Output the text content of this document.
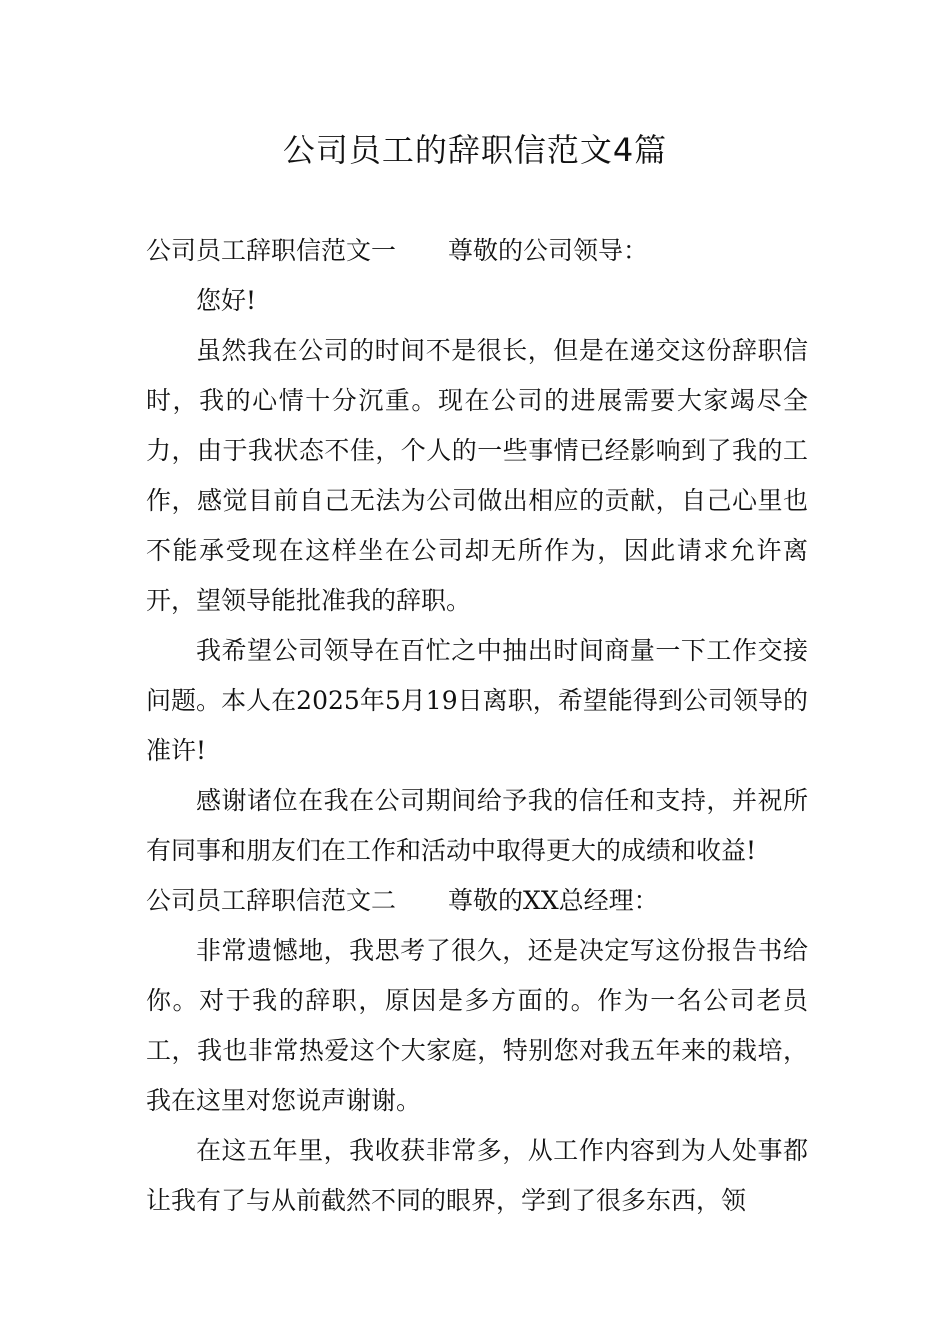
公司员工的辞职信范文4篇

公司员工辞职信范文一 尊敬的公司领导：

您好!

虽然我在公司的时间不是很长，但是在递交这份辞职信时，我的心情十分沉重。现在公司的进展需要大家竭尽全力，由于我状态不佳，个人的一些事情已经影响到了我的工作，感觉目前自己无法为公司做出相应的贡献，自己心里也不能承受现在这样坐在公司却无所作为，因此请求允许离开，望领导能批准我的辞职。

我希望公司领导在百忙之中抽出时间商量一下工作交接问题。本人在2025年5月19日离职，希望能得到公司领导的准许!

感谢诸位在我在公司期间给予我的信任和支持，并祝所有同事和朋友们在工作和活动中取得更大的成绩和收益!

公司员工辞职信范文二 尊敬的XX总经理：

非常遗憾地，我思考了很久，还是决定写这份报告书给你。对于我的辞职，原因是多方面的。作为一名公司老员工，我也非常热爱这个大家庭，特别您对我五年来的栽培，我在这里对您说声谢谢。

在这五年里，我收获非常多，从工作内容到为人处事都让我有了与从前截然不同的眼界，学到了很多东西，领
